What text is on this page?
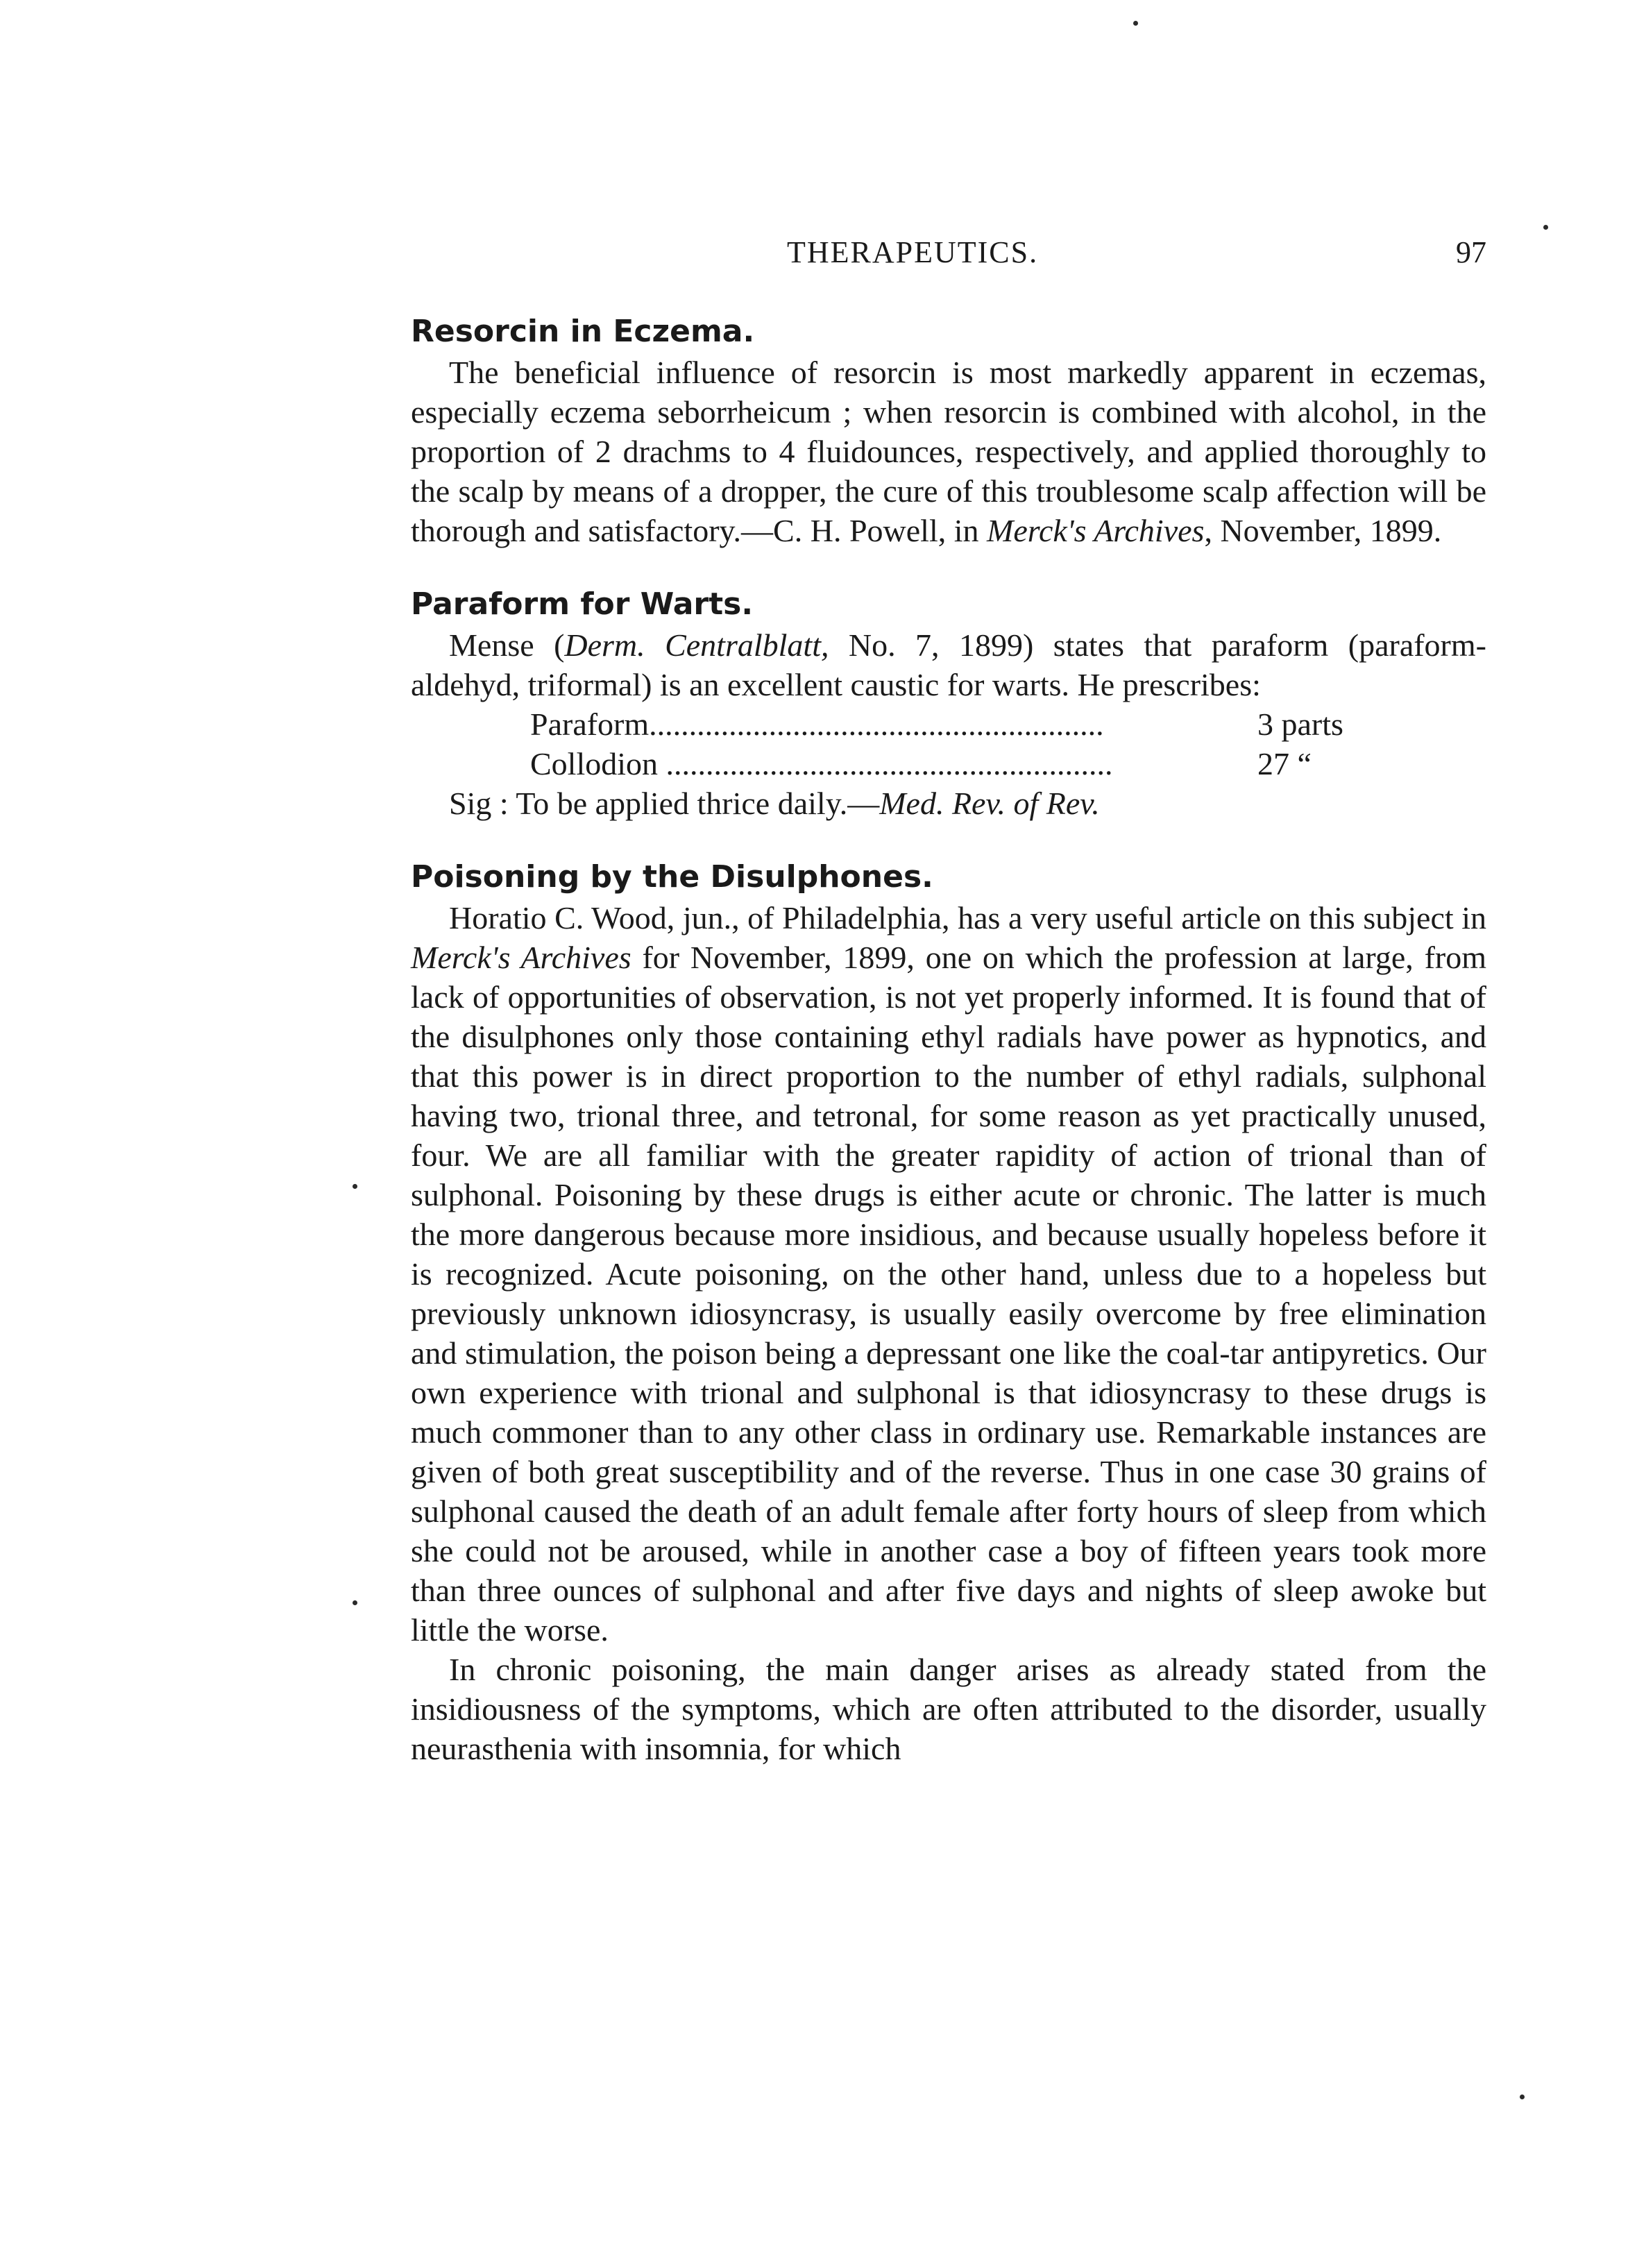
THERAPEUTICS.	97
Resorcin in Eczema.

The beneficial influence of resorcin is most markedly apparent in eczemas, especially eczema seborrheicum ; when resorcin is combined with alcohol, in the proportion of 2 drachms to 4 fluidounces, respectively, and applied thoroughly to the scalp by means of a dropper, the cure of this troublesome scalp affection will be thorough and satisfactory.—C. H. Powell, in Merck's Archives, November, 1899.

Paraform for Warts.

Mense (Derm. Centralblatt, No. 7, 1899) states that paraform (paraform-aldehyd, triformal) is an excellent caustic for warts. He prescribes:

Paraform.........................................................	3 parts
Collodion ........................................................	27 “

Sig : To be applied thrice daily.—Med. Rev. of Rev.

Poisoning by the Disulphones.

Horatio C. Wood, jun., of Philadelphia, has a very useful article on this subject in Merck's Archives for November, 1899, one on which the profession at large, from lack of opportunities of observation, is not yet properly informed. It is found that of the disulphones only those containing ethyl radials have power as hypnotics, and that this power is in direct proportion to the number of ethyl radials, sulphonal having two, trional three, and tetronal, for some reason as yet practically unused, four. We are all familiar with the greater rapidity of action of trional than of sulphonal. Poisoning by these drugs is either acute or chronic. The latter is much the more dangerous because more insidious, and because usually hopeless before it is recognized. Acute poisoning, on the other hand, unless due to a hopeless but previously unknown idiosyncrasy, is usually easily overcome by free elimination and stimulation, the poison being a depressant one like the coal-tar antipyretics. Our own experience with trional and sulphonal is that idiosyncrasy to these drugs is much commoner than to any other class in ordinary use. Remarkable instances are given of both great susceptibility and of the reverse. Thus in one case 30 grains of sulphonal caused the death of an adult female after forty hours of sleep from which she could not be aroused, while in another case a boy of fifteen years took more than three ounces of sulphonal and after five days and nights of sleep awoke but little the worse.

In chronic poisoning, the main danger arises as already stated from the insidiousness of the symptoms, which are often attributed to the disorder, usually neurasthenia with insomnia, for which
